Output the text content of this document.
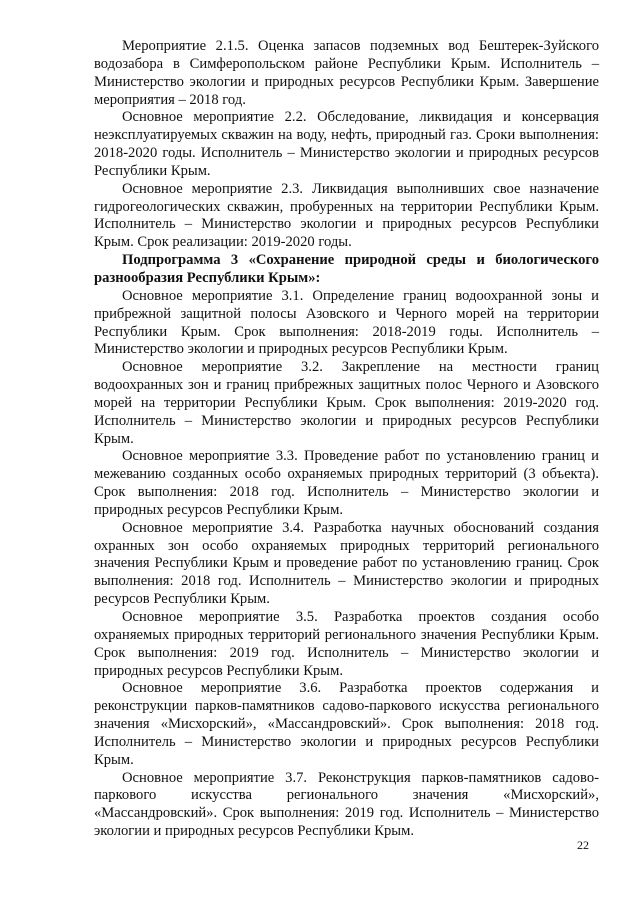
Мероприятие 2.1.5. Оценка запасов подземных вод Бештерек-Зуйского водозабора в Симферопольском районе Республики Крым. Исполнитель – Министерство экологии и природных ресурсов Республики Крым. Завершение мероприятия – 2018 год.

Основное мероприятие 2.2. Обследование, ликвидация и консервация неэксплуатируемых скважин на воду, нефть, природный газ. Сроки выполнения: 2018-2020 годы. Исполнитель – Министерство экологии и природных ресурсов Республики Крым.

Основное мероприятие 2.3. Ликвидация выполнивших свое назначение гидрогеологических скважин, пробуренных на территории Республики Крым. Исполнитель – Министерство экологии и природных ресурсов Республики Крым. Срок реализации: 2019-2020 годы.

Подпрограмма 3 «Сохранение природной среды и биологического разнообразия Республики Крым»:

Основное мероприятие 3.1. Определение границ водоохранной зоны и прибрежной защитной полосы Азовского и Черного морей на территории Республики Крым. Срок выполнения: 2018-2019 годы. Исполнитель – Министерство экологии и природных ресурсов Республики Крым.

Основное мероприятие 3.2. Закрепление на местности границ водоохранных зон и границ прибрежных защитных полос Черного и Азовского морей на территории Республики Крым. Срок выполнения: 2019-2020 год. Исполнитель – Министерство экологии и природных ресурсов Республики Крым.

Основное мероприятие 3.3. Проведение работ по установлению границ и межеванию созданных особо охраняемых природных территорий (3 объекта). Срок выполнения: 2018 год. Исполнитель – Министерство экологии и природных ресурсов Республики Крым.

Основное мероприятие 3.4. Разработка научных обоснований создания охранных зон особо охраняемых природных территорий регионального значения Республики Крым и проведение работ по установлению границ. Срок выполнения: 2018 год. Исполнитель – Министерство экологии и природных ресурсов Республики Крым.

Основное мероприятие 3.5. Разработка проектов создания особо охраняемых природных территорий регионального значения Республики Крым. Срок выполнения: 2019 год. Исполнитель – Министерство экологии и природных ресурсов Республики Крым.

Основное мероприятие 3.6. Разработка проектов содержания и реконструкции парков-памятников садово-паркового искусства регионального значения «Мисхорский», «Массандровский». Срок выполнения: 2018 год. Исполнитель – Министерство экологии и природных ресурсов Республики Крым.

Основное мероприятие 3.7. Реконструкция парков-памятников садово-паркового искусства регионального значения «Мисхорский», «Массандровский». Срок выполнения: 2019 год. Исполнитель – Министерство экологии и природных ресурсов Республики Крым.

22
